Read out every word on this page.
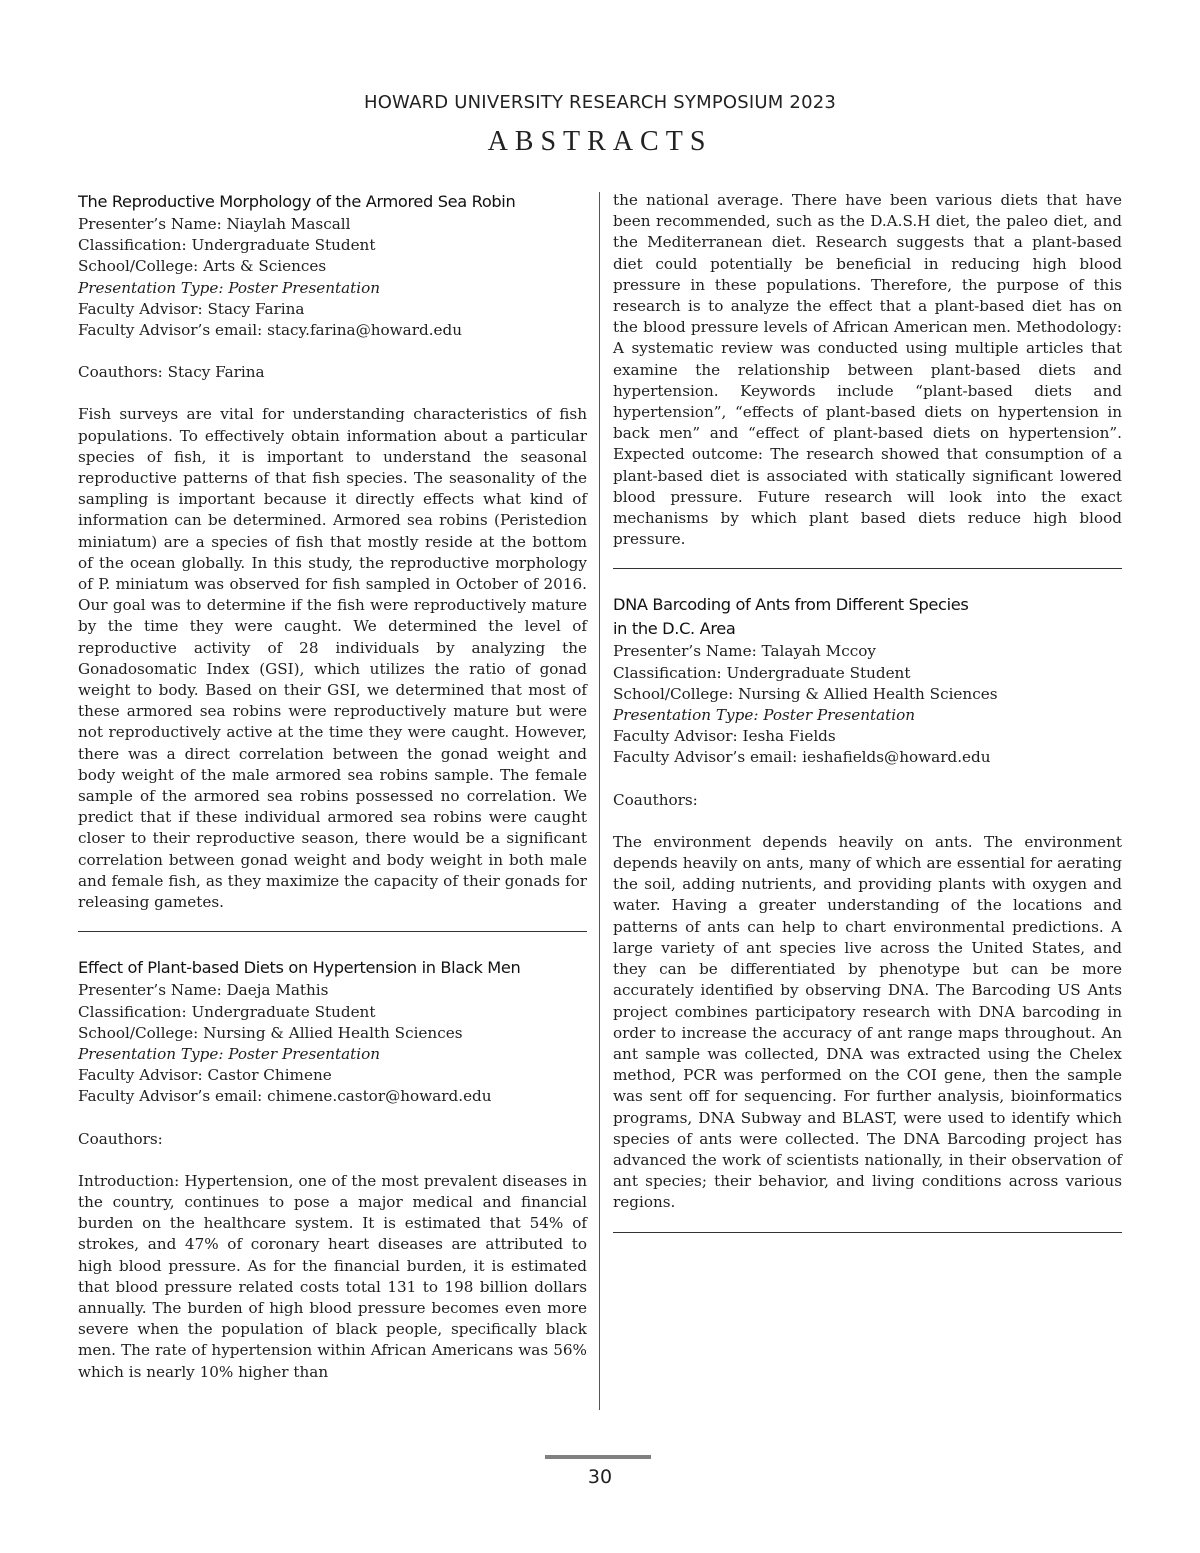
HOWARD UNIVERSITY RESEARCH SYMPOSIUM 2023
ABSTRACTS
The Reproductive Morphology of the Armored Sea Robin

Presenter’s Name: Niaylah Mascall

Classification: Undergraduate Student

School/College: Arts & Sciences

Presentation Type: Poster Presentation

Faculty Advisor: Stacy Farina

Faculty Advisor’s email: stacy.farina@howard.edu

Coauthors: Stacy Farina

Fish surveys are vital for understanding characteristics of fish populations. To effectively obtain information about a particular species of fish, it is important to understand the seasonal reproductive patterns of that fish species. The seasonality of the sampling is important because it directly effects what kind of information can be determined. Armored sea robins (Peristedion miniatum) are a species of fish that mostly reside at the bottom of the ocean globally. In this study, the reproductive morphology of P. miniatum was observed for fish sampled in October of 2016. Our goal was to determine if the fish were reproductively mature by the time they were caught. We determined the level of reproductive activity of 28 individuals by analyzing the Gonadosomatic Index (GSI), which utilizes the ratio of gonad weight to body. Based on their GSI, we determined that most of these armored sea robins were reproductively mature but were not reproductively active at the time they were caught. However, there was a direct correlation between the gonad weight and body weight of the male armored sea robins sample. The female sample of the armored sea robins possessed no correlation. We predict that if these individual armored sea robins were caught closer to their reproductive season, there would be a significant correlation between gonad weight and body weight in both male and female fish, as they maximize the capacity of their gonads for releasing gametes.

Effect of Plant-based Diets on Hypertension in Black Men

Presenter’s Name: Daeja Mathis

Classification: Undergraduate Student

School/College: Nursing & Allied Health Sciences

Presentation Type: Poster Presentation

Faculty Advisor: Castor Chimene

Faculty Advisor’s email: chimene.castor@howard.edu

Coauthors:

Introduction: Hypertension, one of the most prevalent diseases in the country, continues to pose a major medical and financial burden on the healthcare system. It is estimated that 54% of strokes, and 47% of coronary heart diseases are attributed to high blood pressure. As for the financial burden, it is estimated that blood pressure related costs total 131 to 198 billion dollars annually. The burden of high blood pressure becomes even more severe when the population of black people, specifically black men. The rate of hypertension within African Americans was 56% which is nearly 10% higher than

the national average. There have been various diets that have been recommended, such as the D.A.S.H diet, the paleo diet, and the Mediterranean diet. Research suggests that a plant-based diet could potentially be beneficial in reducing high blood pressure in these populations. Therefore, the purpose of this research is to analyze the effect that a plant-based diet has on the blood pressure levels of African American men. Methodology: A systematic review was conducted using multiple articles that examine the relationship between plant-based diets and hypertension. Keywords include “plant-based diets and hypertension”, “effects of plant-based diets on hypertension in back men” and “effect of plant-based diets on hypertension”. Expected outcome: The research showed that consumption of a plant-based diet is associated with statically significant lowered blood pressure. Future research will look into the exact mechanisms by which plant based diets reduce high blood pressure.

DNA Barcoding of Ants from Different Species
in the D.C. Area

Presenter’s Name: Talayah Mccoy

Classification: Undergraduate Student

School/College: Nursing & Allied Health Sciences

Presentation Type: Poster Presentation

Faculty Advisor: Iesha Fields

Faculty Advisor’s email: ieshafields@howard.edu

Coauthors:

The environment depends heavily on ants. The environment depends heavily on ants, many of which are essential for aerating the soil, adding nutrients, and providing plants with oxygen and water. Having a greater understanding of the locations and patterns of ants can help to chart environmental predictions. A large variety of ant species live across the United States, and they can be differentiated by phenotype but can be more accurately identified by observing DNA. The Barcoding US Ants project combines participatory research with DNA barcoding in order to increase the accuracy of ant range maps throughout. An ant sample was collected, DNA was extracted using the Chelex method, PCR was performed on the COI gene, then the sample was sent off for sequencing. For further analysis, bioinformatics programs, DNA Subway and BLAST, were used to identify which species of ants were collected. The DNA Barcoding project has advanced the work of scientists nationally, in their observation of ant species; their behavior, and living conditions across various regions.

30
